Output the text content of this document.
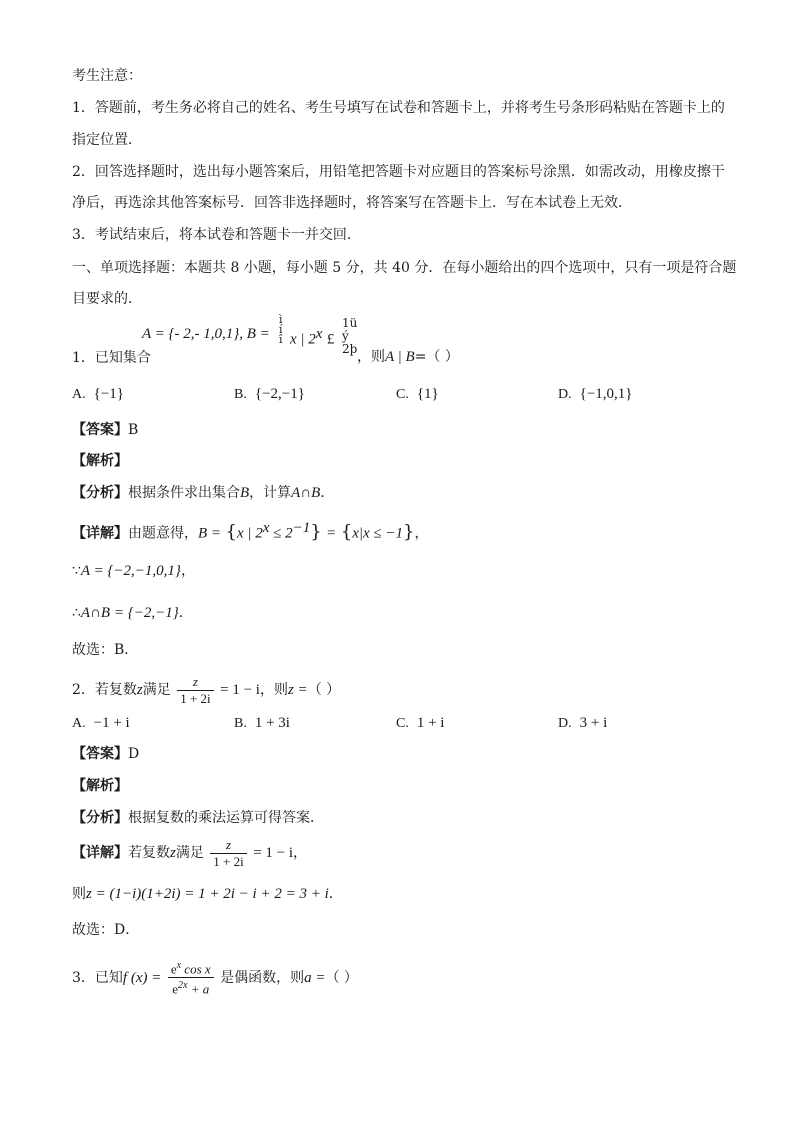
考生注意：
1．答题前，考生务必将自己的姓名、考生号填写在试卷和答题卡上，并将考生号条形码粘贴在答题卡上的
指定位置．
2．回答选择题时，选出每小题答案后，用铅笔把答题卡对应题目的答案标号涂黑．如需改动，用橡皮擦干
净后，再选涂其他答案标号．回答非选择题时，将答案写在答题卡上．写在本试卷上无效．
3．考试结束后，将本试卷和答题卡一并交回．
一、单项选择题：本题共 8 小题，每小题 5 分，共 40 分．在每小题给出的四个选项中，只有一项是符合题
目要求的．
A = {- 2,- 1,0,1}, B =
ì
í
î x | 2$^x$ £
1ü
ý
2þ
1．已知集合	，则A | B=（ ）
A. {−1}	B. {−2,−1}	C. {1}	D. {−1,0,1}
【答案】B
【解析】
【分析】根据条件求出集合B，计算A∩B．
【详解】由题意得，B = {x | $2^x \le 2^{-1}\} = \{x|x \le -1\}$，
∵A = {−2,−1,0,1}，
∴A∩B = {−2,−1}．
故选：B．
2．若复数z满足 $\frac{z}{1 + 2i} = 1 - i$，则z =（ ）
A. −1 + i	B. 1 + 3i	C. 1 + i	D. 3 + i
【答案】D
【解析】
【分析】根据复数的乘法运算可得答案．
【详解】若复数z满足 $\frac{z}{1 + 2i} = 1 - i$，
则z = (1−i)(1+2i) = 1 + 2i − i + 2 = 3 + i．
故选：D．
3．已知f $(x) = \frac{e^x \cos x}{e^{2x} + a}$ 是偶函数，则a =（ ）
